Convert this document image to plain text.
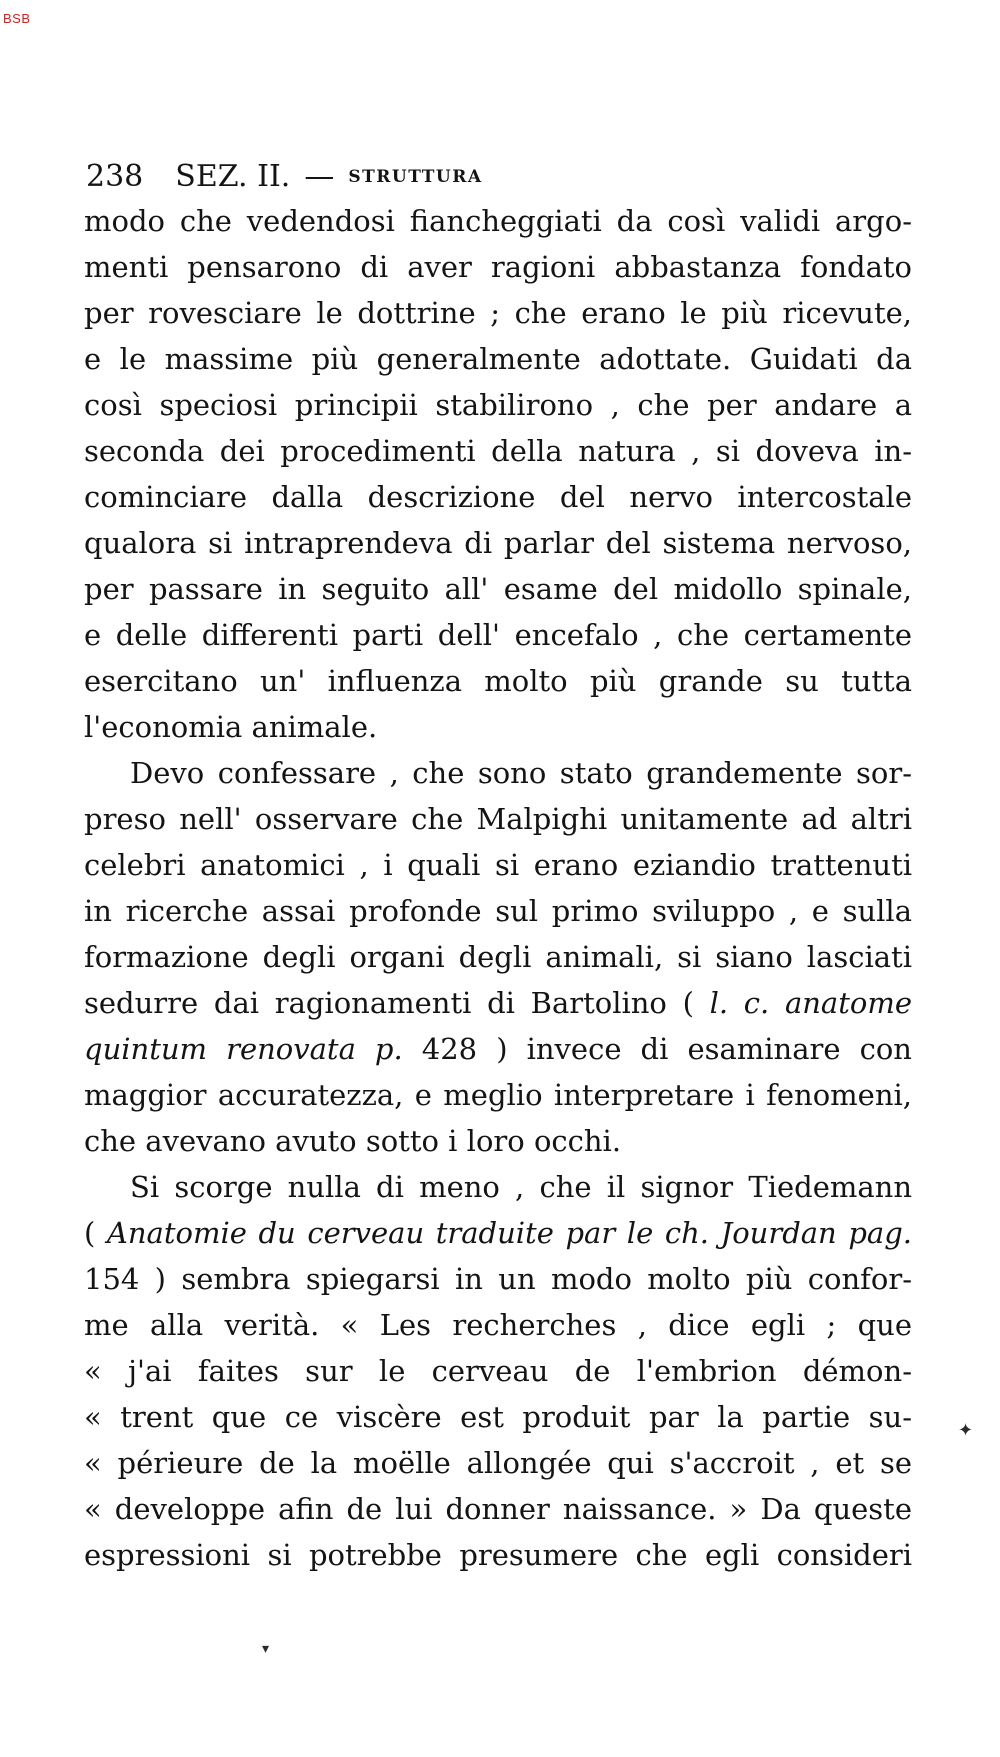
BSB
238 SEZ. II. — STRUTTURA
modo che vedendosi fiancheggiati da così validi argo-
menti pensarono di aver ragioni abbastanza fondato
per rovesciare le dottrine ; che erano le più ricevute,
e le massime più generalmente adottate. Guidati da
così speciosi principii stabilirono , che per andare a
seconda dei procedimenti della natura , si doveva in-
cominciare dalla descrizione del nervo intercostale
qualora si intraprendeva di parlar del sistema nervoso,
per passare in seguito all' esame del midollo spinale,
e delle differenti parti dell' encefalo , che certamente
esercitano un' influenza molto più grande su tutta
l'economia animale.
Devo confessare , che sono stato grandemente sor-
preso nell' osservare che Malpighi unitamente ad altri
celebri anatomici , i quali si erano eziandio trattenuti
in ricerche assai profonde sul primo sviluppo , e sulla
formazione degli organi degli animali, si siano lasciati
sedurre dai ragionamenti di Bartolino ( l. c. anatome
quintum renovata p. 428 ) invece di esaminare con
maggior accuratezza, e meglio interpretare i fenomeni,
che avevano avuto sotto i loro occhi.
Si scorge nulla di meno , che il signor Tiedemann
( Anatomie du cerveau traduite par le ch. Jourdan pag.
154 ) sembra spiegarsi in un modo molto più confor-
me alla verità. « Les recherches , dice egli ; que
« j'ai faites sur le cerveau de l'embrion démon-
« trent que ce viscère est produit par la partie su-
« périeure de la moëlle allongée qui s'accroit , et se
« developpe afin de lui donner naissance. » Da queste
espressioni si potrebbe presumere che egli consideri
✦
▾
